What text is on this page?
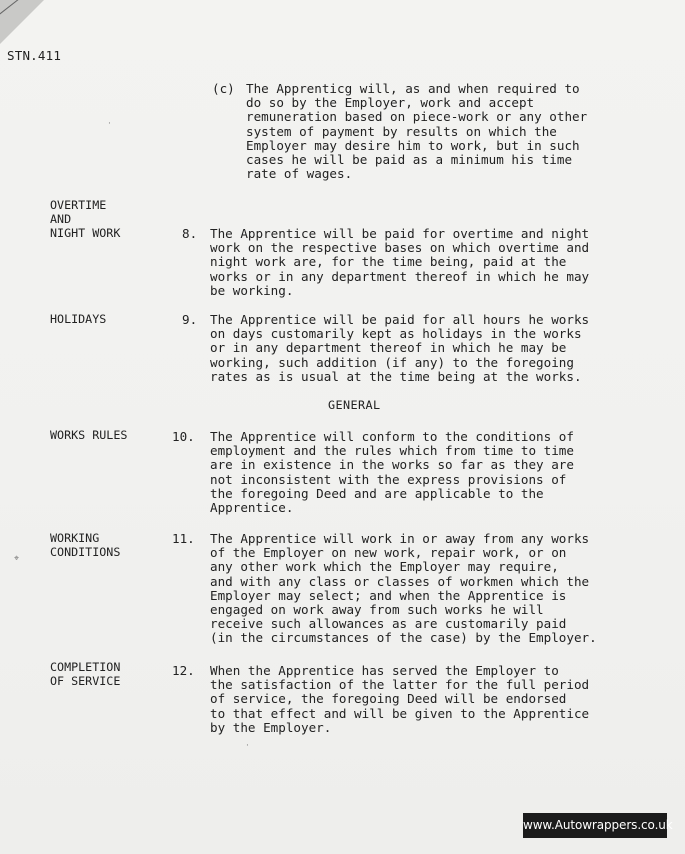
STN.411
(c) The Apprenticg will, as and when required to
do so by the Employer, work and accept
remuneration based on piece-work or any other
system of payment by results on which the
Employer may desire him to work, but in such
cases he will be paid as a minimum his time
rate of wages.
OVERTIME
AND
NIGHT WORK
HOLIDAYS
WORKS RULES
WORKING
CONDITIONS
COMPLETION
OF SERVICE
8. The Apprentice will be paid for overtime and night
work on the respective bases on which overtime and
night work are, for the time being, paid at the
works or in any department thereof in which he may
be working.
9. The Apprentice will be paid for all hours he works
on days customarily kept as holidays in the works
or in any department thereof in which he may be
working, such addition (if any) to the foregoing
rates as is usual at the time being at the works.
GENERAL
10. The Apprentice will conform to the conditions of
employment and the rules which from time to time
are in existence in the works so far as they are
not inconsistent with the express provisions of
the foregoing Deed and are applicable to the
Apprentice.
11. The Apprentice will work in or away from any works
of the Employer on new work, repair work, or on
any other work which the Employer may require,
and with any class or classes of workmen which the
Employer may select; and when the Apprentice is
engaged on work away from such works he will
receive such allowances as are customarily paid
(in the circumstances of the case) by the Employer.
12. When the Apprentice has served the Employer to
the satisfaction of the latter for the full period
of service, the foregoing Deed will be endorsed
to that effect and will be given to the Apprentice
by the Employer.
⌖
·
·
www.Autowrappers.co.uk
